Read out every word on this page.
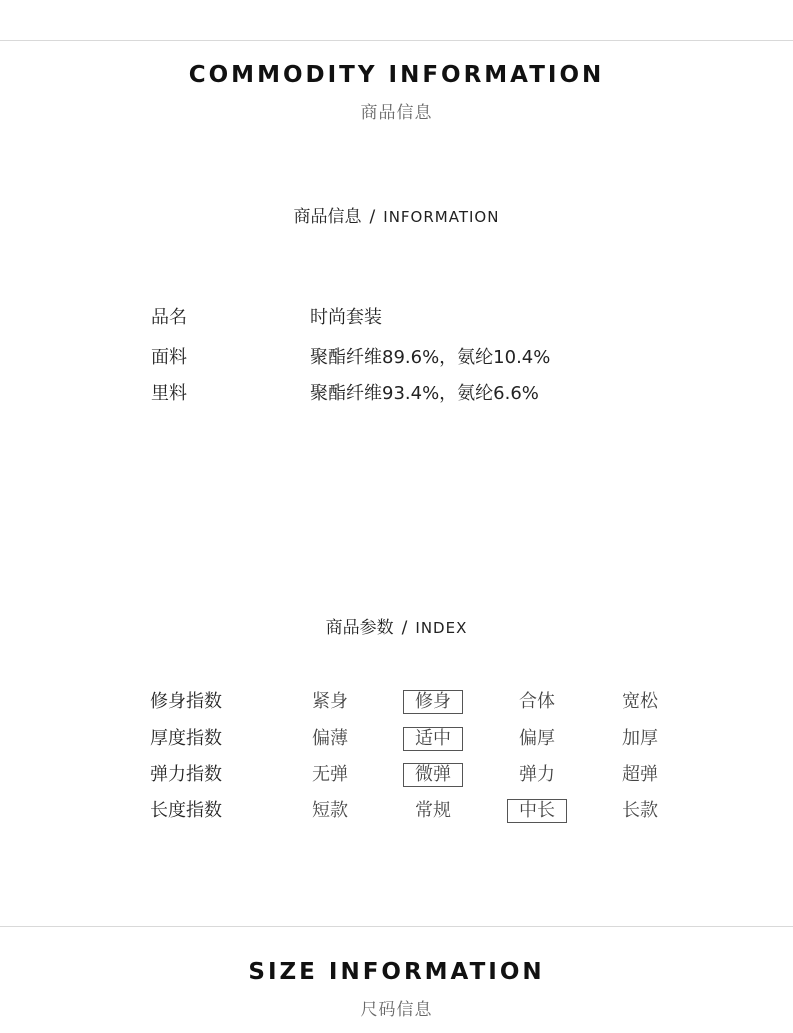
COMMODITY INFORMATION
商品信息
商品信息 / INFORMATION
品名	时尚套装
面料	聚酯纤维89.6%，氨纶10.4%
里料	聚酯纤维93.4%，氨纶6.6%
商品参数 / INDEX
修身指数	紧身	修身	合体	宽松
厚度指数	偏薄	适中	偏厚	加厚
弹力指数	无弹	微弹	弹力	超弹
长度指数	短款	常规	中长	长款
SIZE INFORMATION
尺码信息
